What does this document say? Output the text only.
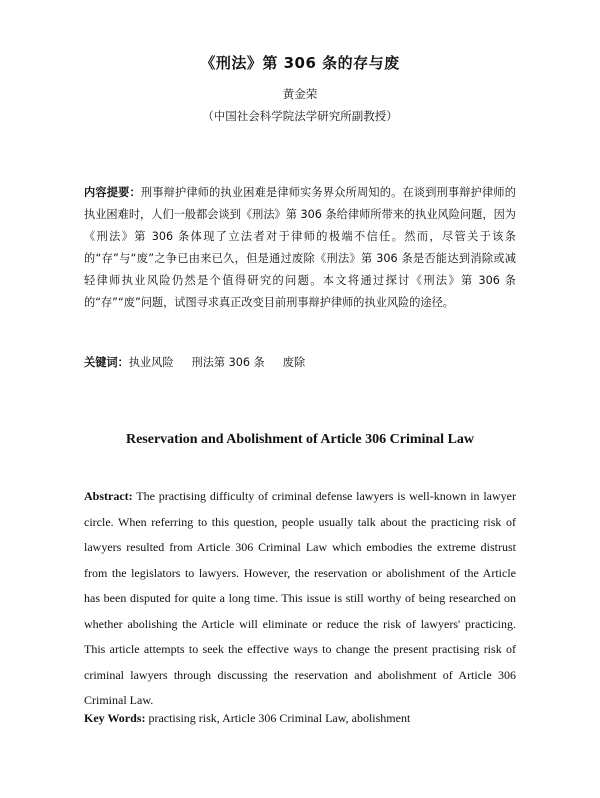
《刑法》第 306 条的存与废
黄金荣
（中国社会科学院法学研究所副教授）

内容提要：刑事辩护律师的执业困难是律师实务界众所周知的。在谈到刑事辩护律师的执业困难时，人们一般都会谈到《刑法》第 306 条给律师所带来的执业风险问题，因为《刑法》第 306 条体现了立法者对于律师的极端不信任。然而，尽管关于该条的“存”与“废”之争已由来已久，但是通过废除《刑法》第 306 条是否能达到消除或减轻律师执业风险仍然是个值得研究的问题。本文将通过探讨《刑法》第 306 条的“存”“废”问题，试图寻求真正改变目前刑事辩护律师的执业风险的途径。

关键词：执业风险 刑法第 306 条 废除

Reservation and Abolishment of Article 306 Criminal Law

Abstract: The practising difficulty of criminal defense lawyers is well-known in lawyer circle. When referring to this question, people usually talk about the practicing risk of lawyers resulted from Article 306 Criminal Law which embodies the extreme distrust from the legislators to lawyers. However, the reservation or abolishment of the Article has been disputed for quite a long time. This issue is still worthy of being researched on whether abolishing the Article will eliminate or reduce the risk of lawyers' practicing. This article attempts to seek the effective ways to change the present practising risk of criminal lawyers through discussing the reservation and abolishment of Article 306 Criminal Law.

Key Words: practising risk, Article 306 Criminal Law, abolishment
